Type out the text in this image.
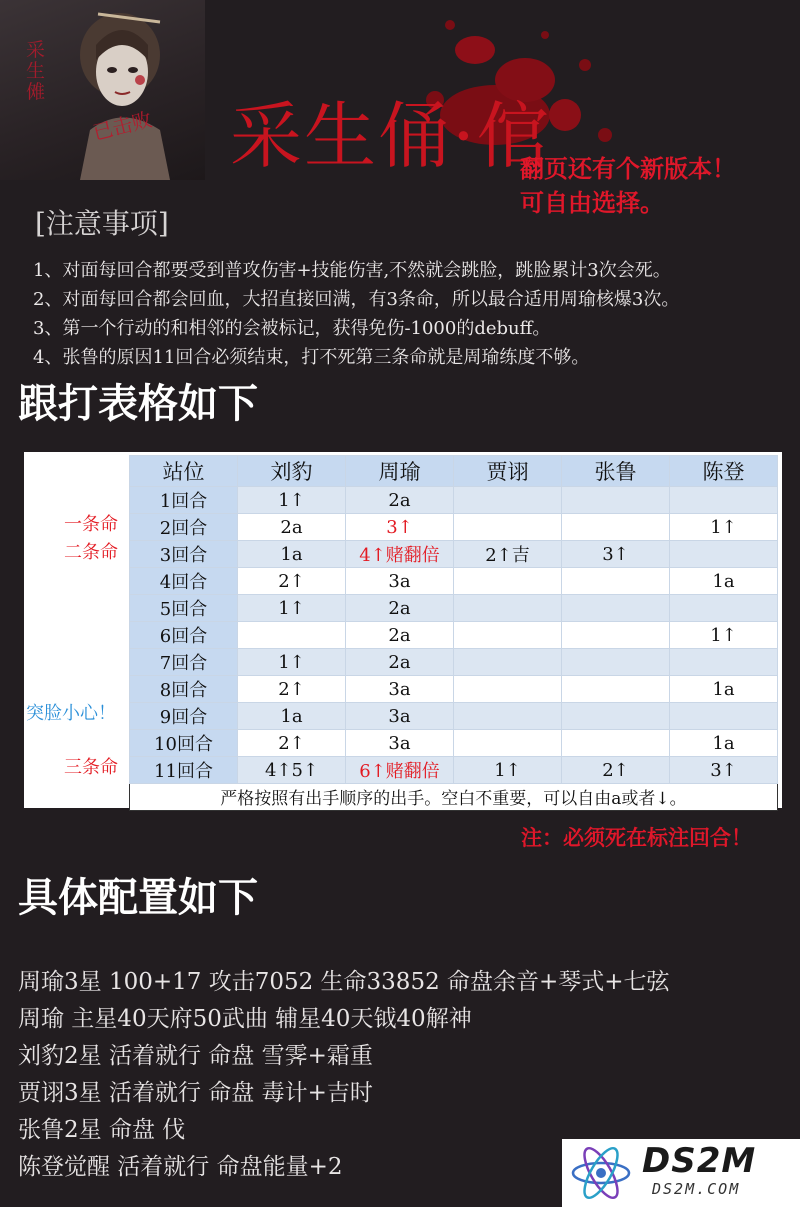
采生傩
已击败 采生俑·倌
翻页还有个新版本！
可自由选择。
[注意事项]
1、对面每回合都要受到普攻伤害+技能伤害,不然就会跳脸，跳脸累计3次会死。
2、对面每回合都会回血，大招直接回满，有3条命，所以最合适用周瑜核爆3次。
3、第一个行动的和相邻的会被标记，获得免伤-1000的debuff。
4、张鲁的原因11回合必须结束，打不死第三条命就是周瑜练度不够。
跟打表格如下
一条命
二条命
突脸小心！
三条命
站位	刘豹	周瑜	贾诩	张鲁	陈登
1回合	1↑	2a			
2回合	2a	3↑			1↑
3回合	1a	4↑赌翻倍	2↑吉	3↑	
4回合	2↑	3a			1a
5回合	1↑	2a			
6回合		2a			1↑
7回合	1↑	2a			
8回合	2↑	3a			1a
9回合	1a	3a			
10回合	2↑	3a			1a
11回合	4↑5↑	6↑赌翻倍	1↑	2↑	3↑
严格按照有出手顺序的出手。空白不重要，可以自由a或者↓。					
注：必须死在标注回合！
具体配置如下
周瑜3星 100+17 攻击7052 生命33852 命盘余音+琴式+七弦
周瑜 主星40天府50武曲 辅星40天钺40解神
刘豹2星 活着就行 命盘 雪霁+霜重
贾诩3星 活着就行 命盘 毒计+吉时
张鲁2星 命盘 伐
陈登觉醒 活着就行 命盘能量+2	DS2M
DS2M.COM
